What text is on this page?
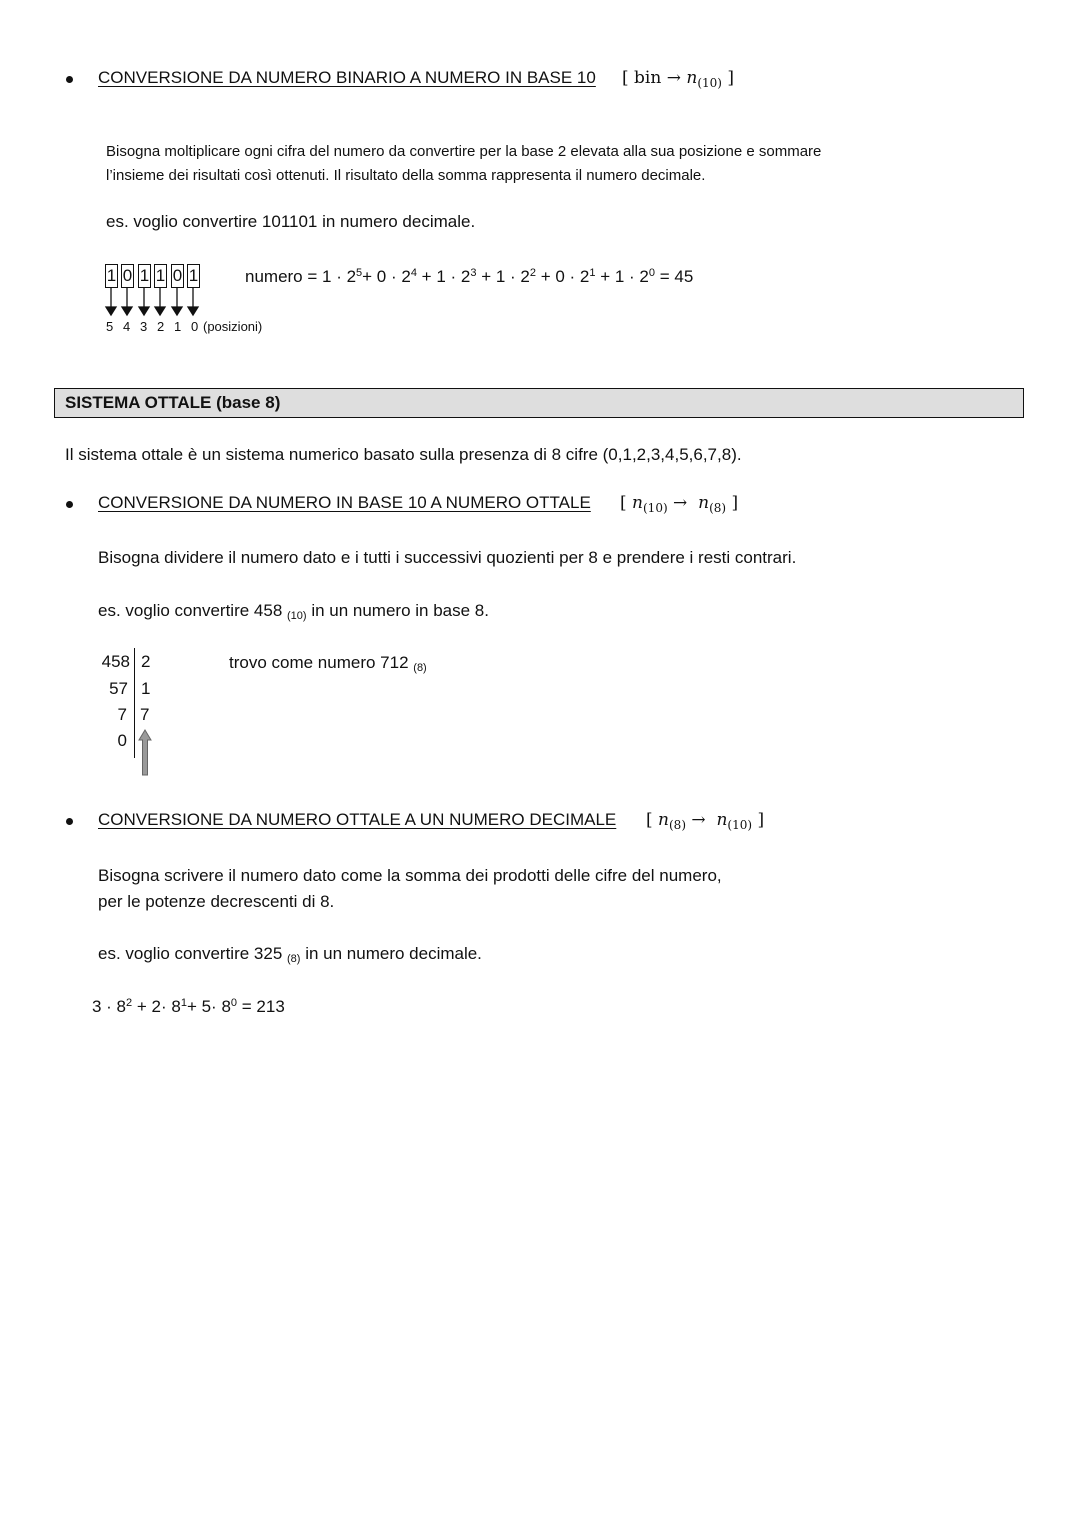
CONVERSIONE DA NUMERO BINARIO A NUMERO IN BASE 10 [ bin → $n_{(10)}$ ]
Bisogna moltiplicare ogni cifra del numero da convertire per la base 2 elevata alla sua posizione e sommare
l’insieme dei risultati così ottenuti. Il risultato della somma rappresenta il numero decimale.
es. voglio convertire 101101 in numero decimale.
1 0 1 1 0 1
5 4 3 2 1 0 (posizioni)
numero = $1 \cdot 2^5+ 0 \cdot 2^4 + 1 \cdot 2^3 + 1 \cdot 2^2 + 0 \cdot 2^1 + 1 \cdot 2^0 = 45$
SISTEMA OTTALE (base 8)
Il sistema ottale è un sistema numerico basato sulla presenza di 8 cifre (0,1,2,3,4,5,6,7,8).
CONVERSIONE DA NUMERO IN BASE 10 A NUMERO OTTALE [ $n_{(10)} \to n_{(8)}$ ]
Bisogna dividere il numero dato e i tutti i successivi quozienti per 8 e prendere i resti contrari.
es. voglio convertire 458 (10) in un numero in base 8.
458
57
7
0
2
1
7
trovo come numero 712 (8)
CONVERSIONE DA NUMERO OTTALE A UN NUMERO DECIMALE [ $n_{(8)} \to n_{(10)}$ ]
Bisogna scrivere il numero dato come la somma dei prodotti delle cifre del numero,
per le potenze decrescenti di 8.
es. voglio convertire 325 (8) in un numero decimale.
$3 \cdot 8^2 + 2\cdot 8^1+ 5\cdot 8^0 = 213$
